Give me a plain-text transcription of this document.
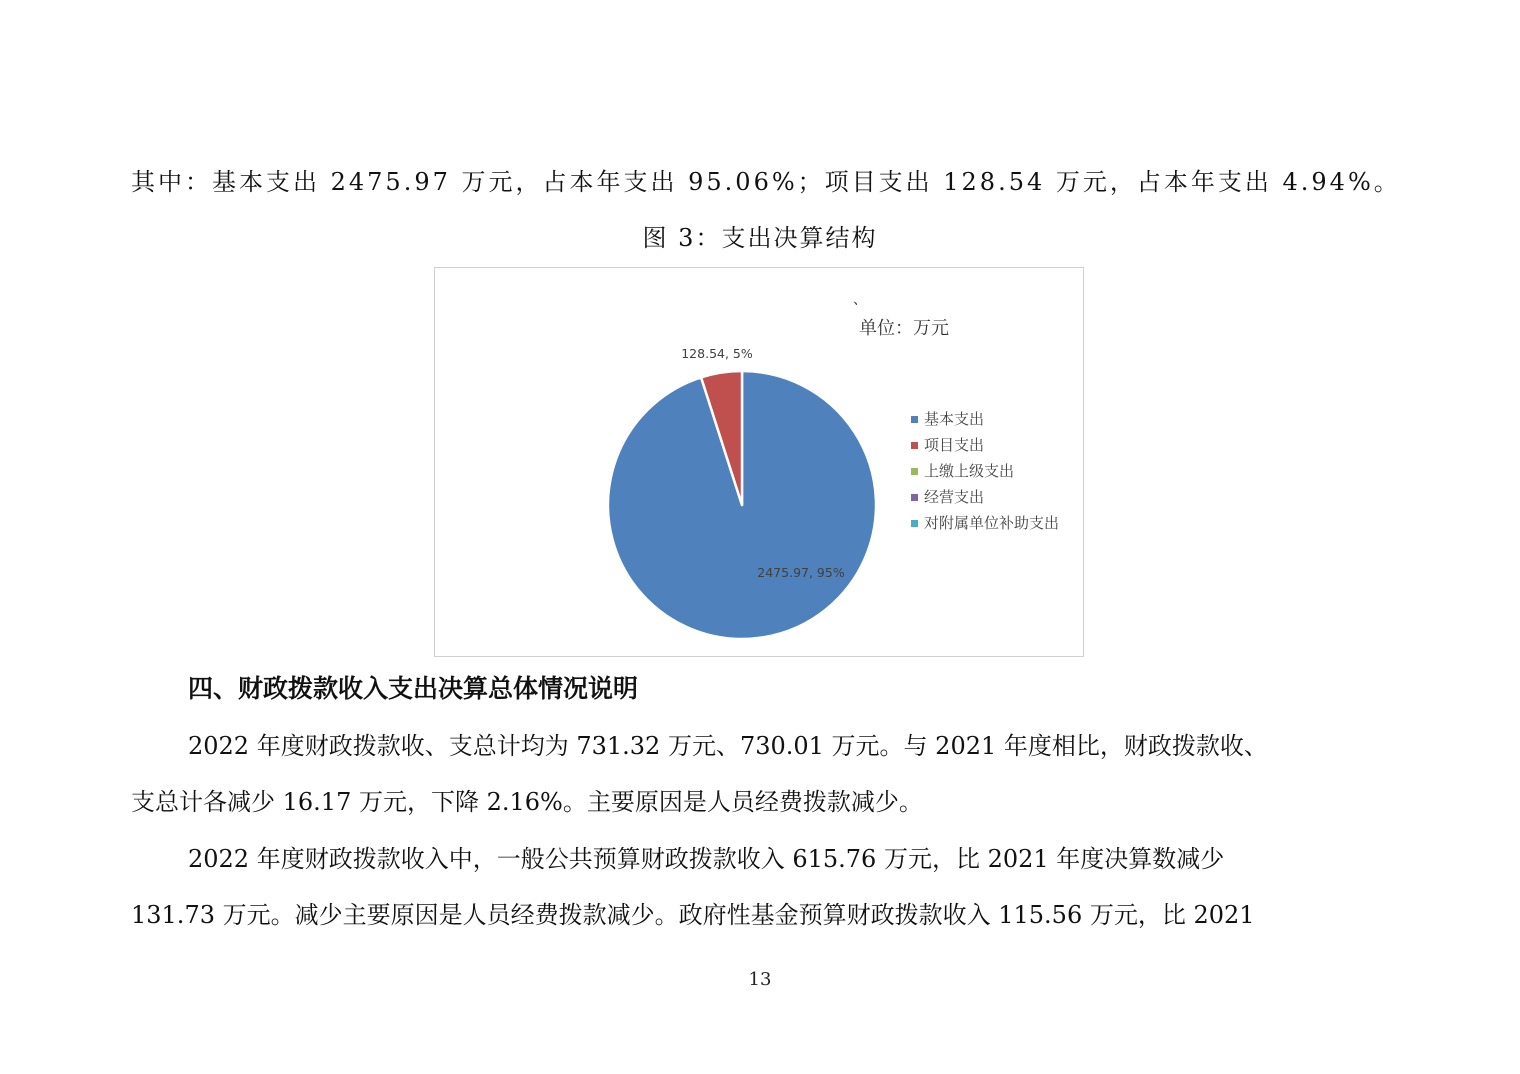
其中：基本支出 2475.97 万元，占本年支出 95.06%；项目支出 128.54 万元，占本年支出 4.94%。
图 3：支出决算结构
、
单位：万元
128.54, 5%
2475.97, 95%
基本支出
项目支出
上缴上级支出
经营支出
对附属单位补助支出
四、财政拨款收入支出决算总体情况说明
2022 年度财政拨款收、支总计均为 731.32 万元、730.01 万元。与 2021 年度相比，财政拨款收、
支总计各减少 16.17 万元，下降 2.16%。主要原因是人员经费拨款减少。
2022 年度财政拨款收入中，一般公共预算财政拨款收入 615.76 万元，比 2021 年度决算数减少
131.73 万元。减少主要原因是人员经费拨款减少。政府性基金预算财政拨款收入 115.56 万元，比 2021
13
